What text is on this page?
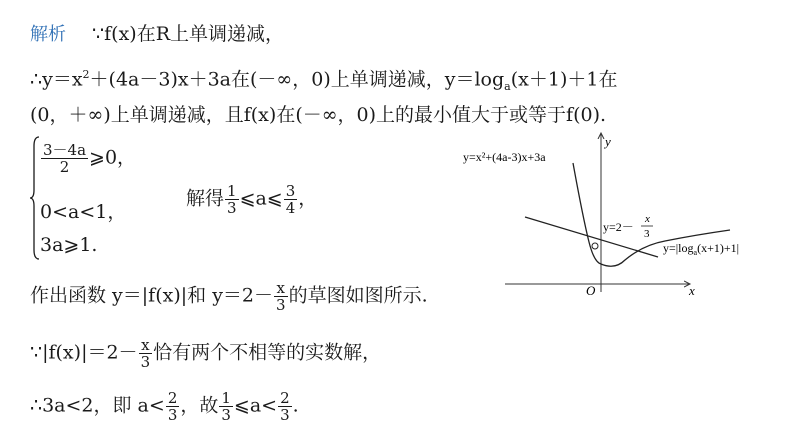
解析 ∵f(x)在R上单调递减，
$\therefore y=x^2+(4a-3)x+3a$在(－∞，0)上单调递减，$y=\log_a(x+1)+1$在
(0，＋∞)上单调递减，且f(x)在(－∞，0)上的最小值大于或等于f(0).
$\frac{3-4a}{2}$ ⩾0，
0<a<1，
3a⩾1.
解得 $\frac{1}{3}$ ⩽a⩽ $\frac{3}{4}$ ，
作出函数 y＝|f(x)|和 $y=2- \frac{x}{3}$ 的草图如图所示.
∵|f(x)|＝2－ $\frac{x}{3}$ 恰有两个不相等的实数解，
∴3a<2，即 $a< \frac{2}{3}$ ，故 $\frac{1}{3}$ ⩽a< $\frac{2}{3}$ .
y=x²+(4a-3)x+3a
y=2－
x
3
$y=|\log_a(x+1)+1|$
y
x
O
